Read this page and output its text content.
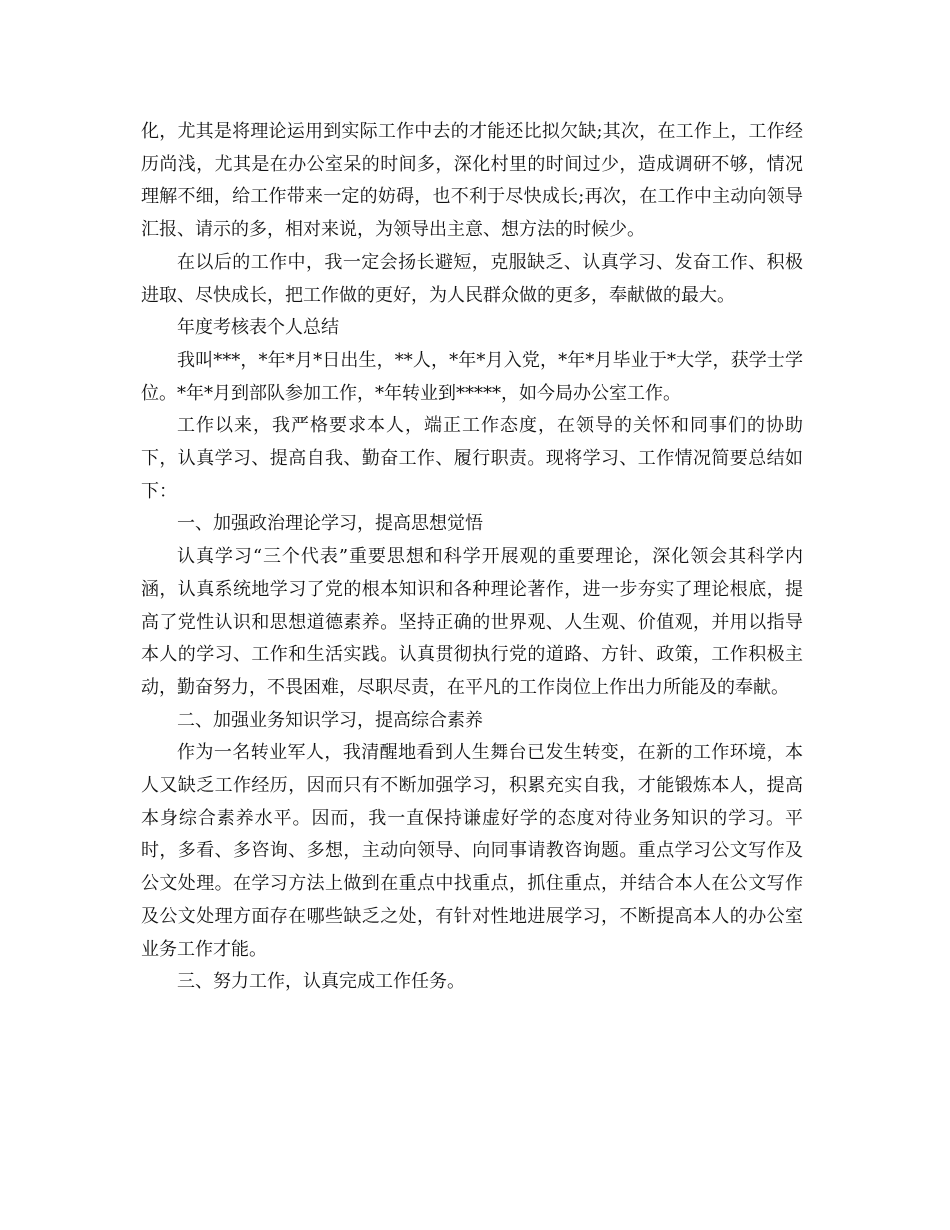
化，尤其是将理论运用到实际工作中去的才能还比拟欠缺;其次，在工作上，工作经历尚浅，尤其是在办公室呆的时间多，深化村里的时间过少，造成调研不够，情况理解不细，给工作带来一定的妨碍，也不利于尽快成长;再次，在工作中主动向领导汇报、请示的多，相对来说，为领导出主意、想方法的时候少。

在以后的工作中，我一定会扬长避短，克服缺乏、认真学习、发奋工作、积极进取、尽快成长，把工作做的更好，为人民群众做的更多，奉献做的最大。

年度考核表个人总结

我叫***，*年*月*日出生，**人，*年*月入党，*年*月毕业于*大学，获学士学位。*年*月到部队参加工作，*年转业到*****，如今局办公室工作。

工作以来，我严格要求本人，端正工作态度，在领导的关怀和同事们的协助下，认真学习、提高自我、勤奋工作、履行职责。现将学习、工作情况简要总结如下：

一、加强政治理论学习，提高思想觉悟

认真学习“三个代表”重要思想和科学开展观的重要理论，深化领会其科学内涵，认真系统地学习了党的根本知识和各种理论著作，进一步夯实了理论根底，提高了党性认识和思想道德素养。坚持正确的世界观、人生观、价值观，并用以指导本人的学习、工作和生活实践。认真贯彻执行党的道路、方针、政策，工作积极主动，勤奋努力，不畏困难，尽职尽责，在平凡的工作岗位上作出力所能及的奉献。

二、加强业务知识学习，提高综合素养

作为一名转业军人，我清醒地看到人生舞台已发生转变，在新的工作环境，本人又缺乏工作经历，因而只有不断加强学习，积累充实自我，才能锻炼本人，提高本身综合素养水平。因而，我一直保持谦虚好学的态度对待业务知识的学习。平时，多看、多咨询、多想，主动向领导、向同事请教咨询题。重点学习公文写作及公文处理。在学习方法上做到在重点中找重点，抓住重点，并结合本人在公文写作及公文处理方面存在哪些缺乏之处，有针对性地进展学习，不断提高本人的办公室业务工作才能。

三、努力工作，认真完成工作任务。
